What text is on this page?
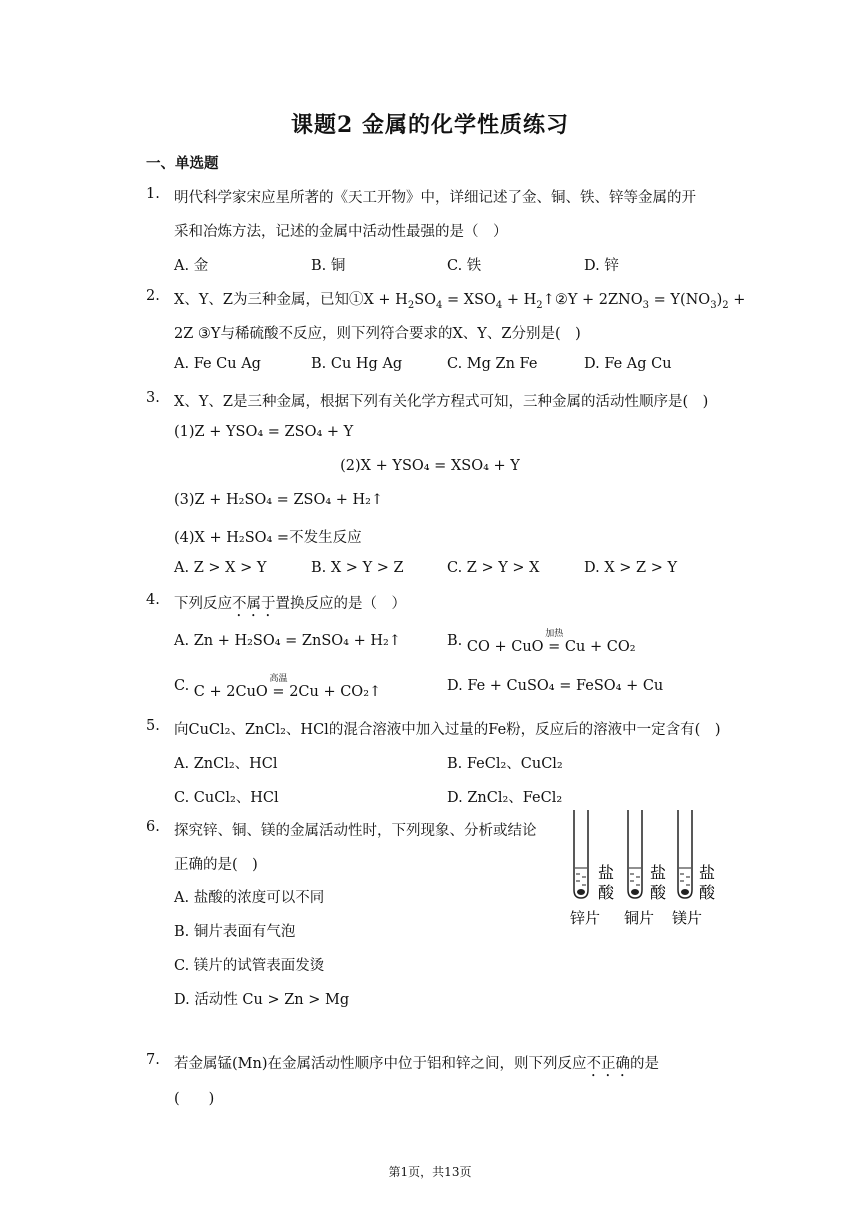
课题2 金属的化学性质练习
一、单选题
1. 明代科学家宋应星所著的《天工开物》中，详细记述了金、铜、铁、锌等金属的开
采和冶炼方法，记述的金属中活动性最强的是（　）
A. 金	B. 铜	C. 铁	D. 锌
2. X、Y、Z为三种金属，已知①X + $H_2SO_4 = XSO_4$ + $H_2↑②Y + 2ZNO_3 = Y(NO_3)_2$ +
2Z ③Y与稀硫酸不反应，则下列符合要求的X、Y、Z分别是(　)
A. Fe Cu Ag	B. Cu Hg Ag	C. Mg Zn Fe	D. Fe Ag Cu
3. X、Y、Z是三种金属，根据下列有关化学方程式可知，三种金属的活动性顺序是(　)
(1)Z + YSO₄ = ZSO₄ + Y
(2)X + YSO₄ = XSO₄ + Y
(3)Z + H₂SO₄ = ZSO₄ + H₂↑
(4)X + H₂SO₄ =不发生反应
A. Z > X > Y	B. X > Y > Z	C. Z > Y > X	D. X > Z > Y
4. 下列反应不属于置换反应的是（　）
A. Zn + H₂SO₄ = ZnSO₄ + H₂↑	B. CO + CuO =
加热
Cu + CO₂
C. C + 2CuO =
高温
2Cu + CO₂↑	D. Fe + CuSO₄ = FeSO₄ + Cu
5. 向CuCl₂、ZnCl₂、HCl的混合溶液中加入过量的Fe粉，反应后的溶液中一定含有(　)
A. ZnCl₂、HCl	B. FeCl₂、CuCl₂
C. CuCl₂、HCl	D. ZnCl₂、FeCl₂
6. 探究锌、铜、镁的金属活动性时，下列现象、分析或结论
正确的是(　)
A. 盐酸的浓度可以不同
B. 铜片表面有气泡
C. 镁片的试管表面发烫
D. 活动性 Cu > Zn > Mg
盐
酸
锌片
盐
酸
铜片
盐
酸
镁片
7. 若金属锰(Mn)在金属活动性顺序中位于铝和锌之间，则下列反应不正确的是
(　　)
第1页，共13页
